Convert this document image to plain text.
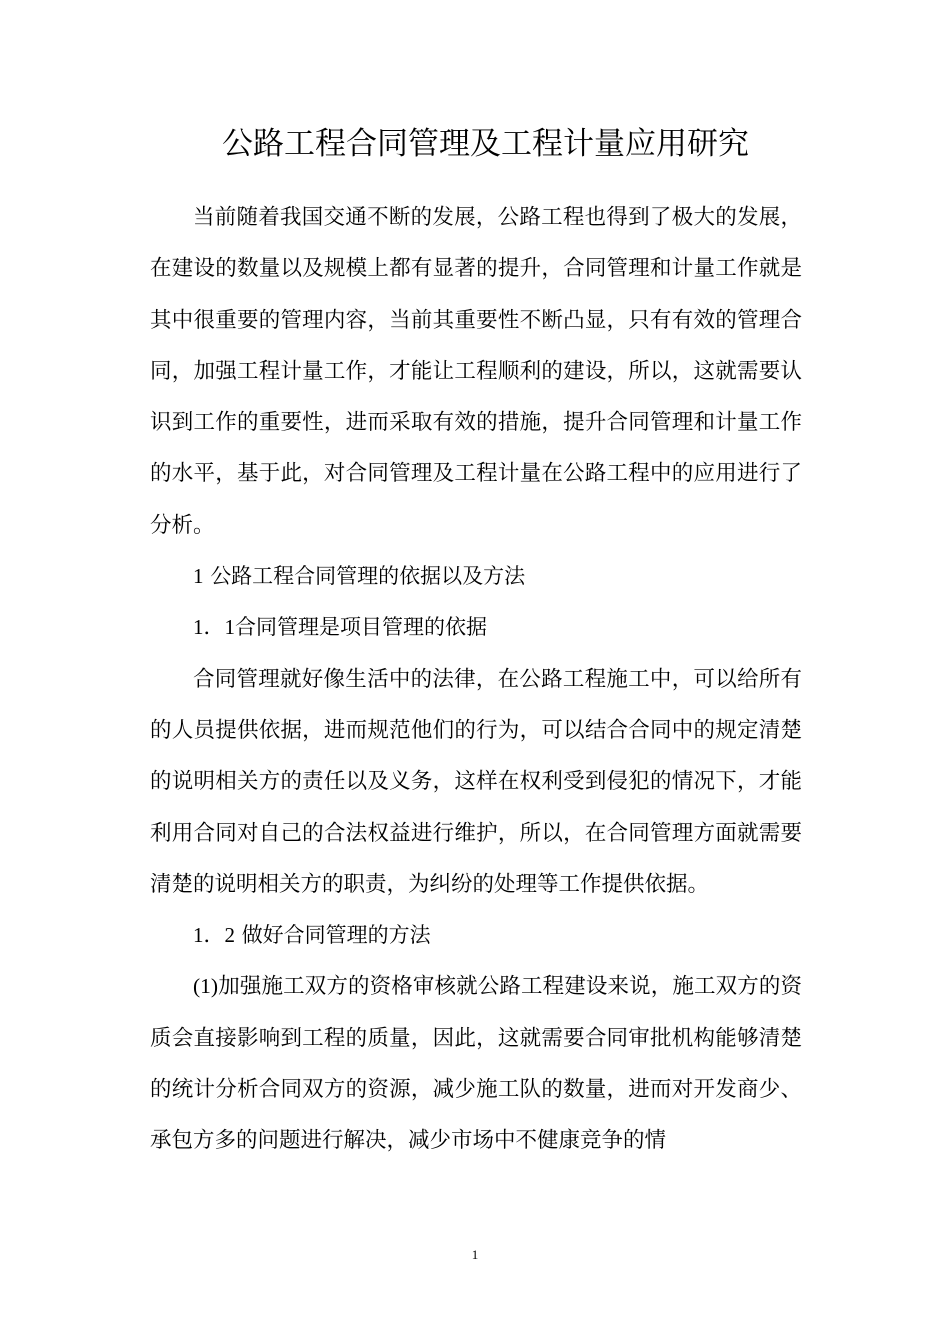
公路工程合同管理及工程计量应用研究

当前随着我国交通不断的发展，公路工程也得到了极大的发展，在建设的数量以及规模上都有显著的提升，合同管理和计量工作就是其中很重要的管理内容，当前其重要性不断凸显，只有有效的管理合同，加强工程计量工作，才能让工程顺利的建设，所以，这就需要认识到工作的重要性，进而采取有效的措施，提升合同管理和计量工作的水平，基于此，对合同管理及工程计量在公路工程中的应用进行了分析。

1 公路工程合同管理的依据以及方法

1．1合同管理是项目管理的依据

合同管理就好像生活中的法律，在公路工程施工中，可以给所有的人员提供依据，进而规范他们的行为，可以结合合同中的规定清楚的说明相关方的责任以及义务，这样在权利受到侵犯的情况下，才能利用合同对自己的合法权益进行维护，所以，在合同管理方面就需要清楚的说明相关方的职责，为纠纷的处理等工作提供依据。

1．2 做好合同管理的方法

(1)加强施工双方的资格审核就公路工程建设来说，施工双方的资质会直接影响到工程的质量，因此，这就需要合同审批机构能够清楚的统计分析合同双方的资源，减少施工队的数量，进而对开发商少、承包方多的问题进行解决，减少市场中不健康竞争的情

1
